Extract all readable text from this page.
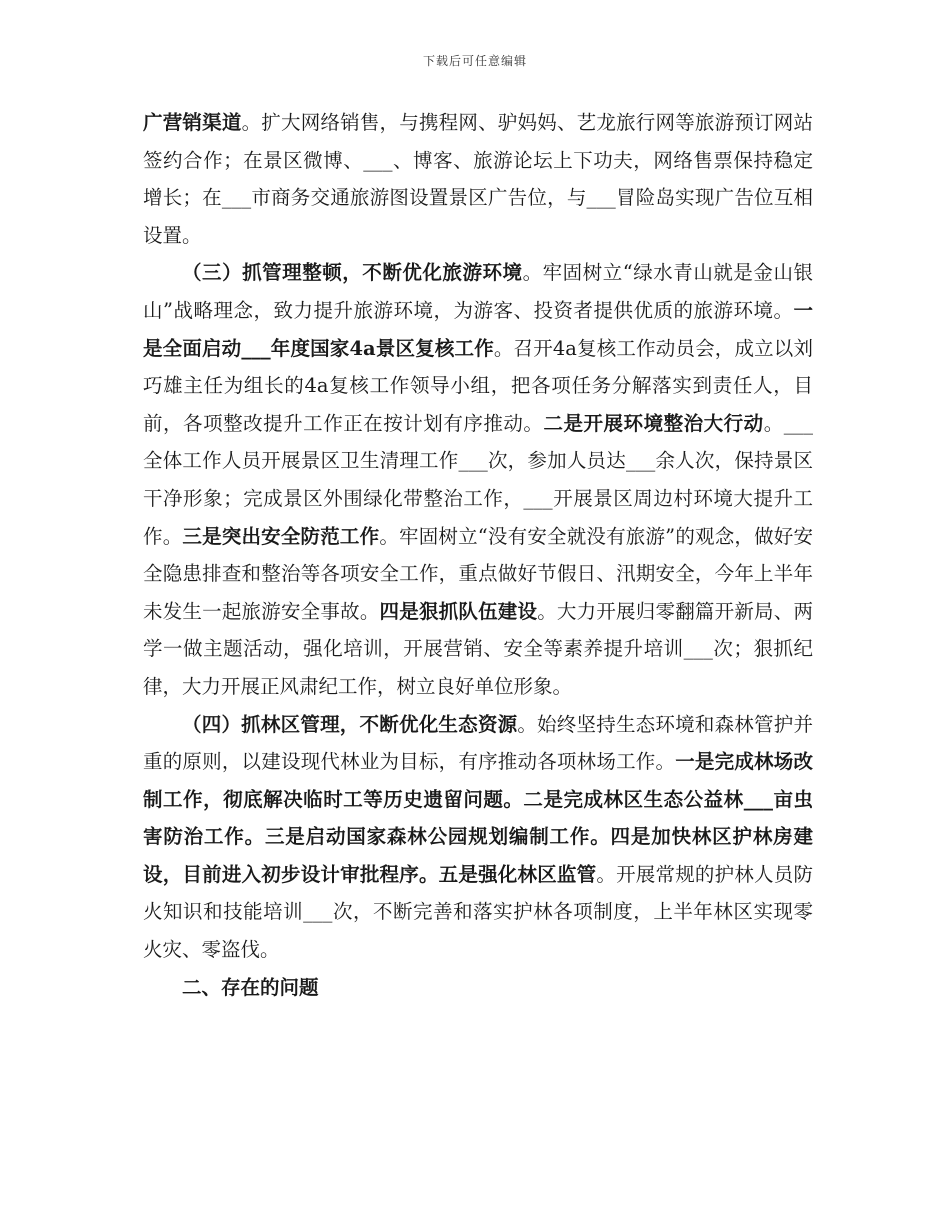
下载后可任意编辑

广营销渠道。扩大网络销售，与携程网、驴妈妈、艺龙旅行网等旅游预订网站签约合作；在景区微博、___、博客、旅游论坛上下功夫，网络售票保持稳定增长；在___市商务交通旅游图设置景区广告位，与___冒险岛实现广告位互相设置。

（三）抓管理整顿，不断优化旅游环境。牢固树立“绿水青山就是金山银山”战略理念，致力提升旅游环境，为游客、投资者提供优质的旅游环境。一是全面启动___年度国家4a景区复核工作。召开4a复核工作动员会，成立以刘巧雄主任为组长的4a复核工作领导小组，把各项任务分解落实到责任人，目前，各项整改提升工作正在按计划有序推动。二是开展环境整治大行动。___全体工作人员开展景区卫生清理工作___次，参加人员达___余人次，保持景区干净形象；完成景区外围绿化带整治工作，___开展景区周边村环境大提升工作。三是突出安全防范工作。牢固树立“没有安全就没有旅游”的观念，做好安全隐患排查和整治等各项安全工作，重点做好节假日、汛期安全，今年上半年未发生一起旅游安全事故。四是狠抓队伍建设。大力开展归零翻篇开新局、两学一做主题活动，强化培训，开展营销、安全等素养提升培训___次；狠抓纪律，大力开展正风肃纪工作，树立良好单位形象。

（四）抓林区管理，不断优化生态资源。始终坚持生态环境和森林管护并重的原则，以建设现代林业为目标，有序推动各项林场工作。一是完成林场改制工作，彻底解决临时工等历史遗留问题。二是完成林区生态公益林___亩虫害防治工作。三是启动国家森林公园规划编制工作。四是加快林区护林房建设，目前进入初步设计审批程序。五是强化林区监管。开展常规的护林人员防火知识和技能培训___次，不断完善和落实护林各项制度，上半年林区实现零火灾、零盗伐。

二、存在的问题
